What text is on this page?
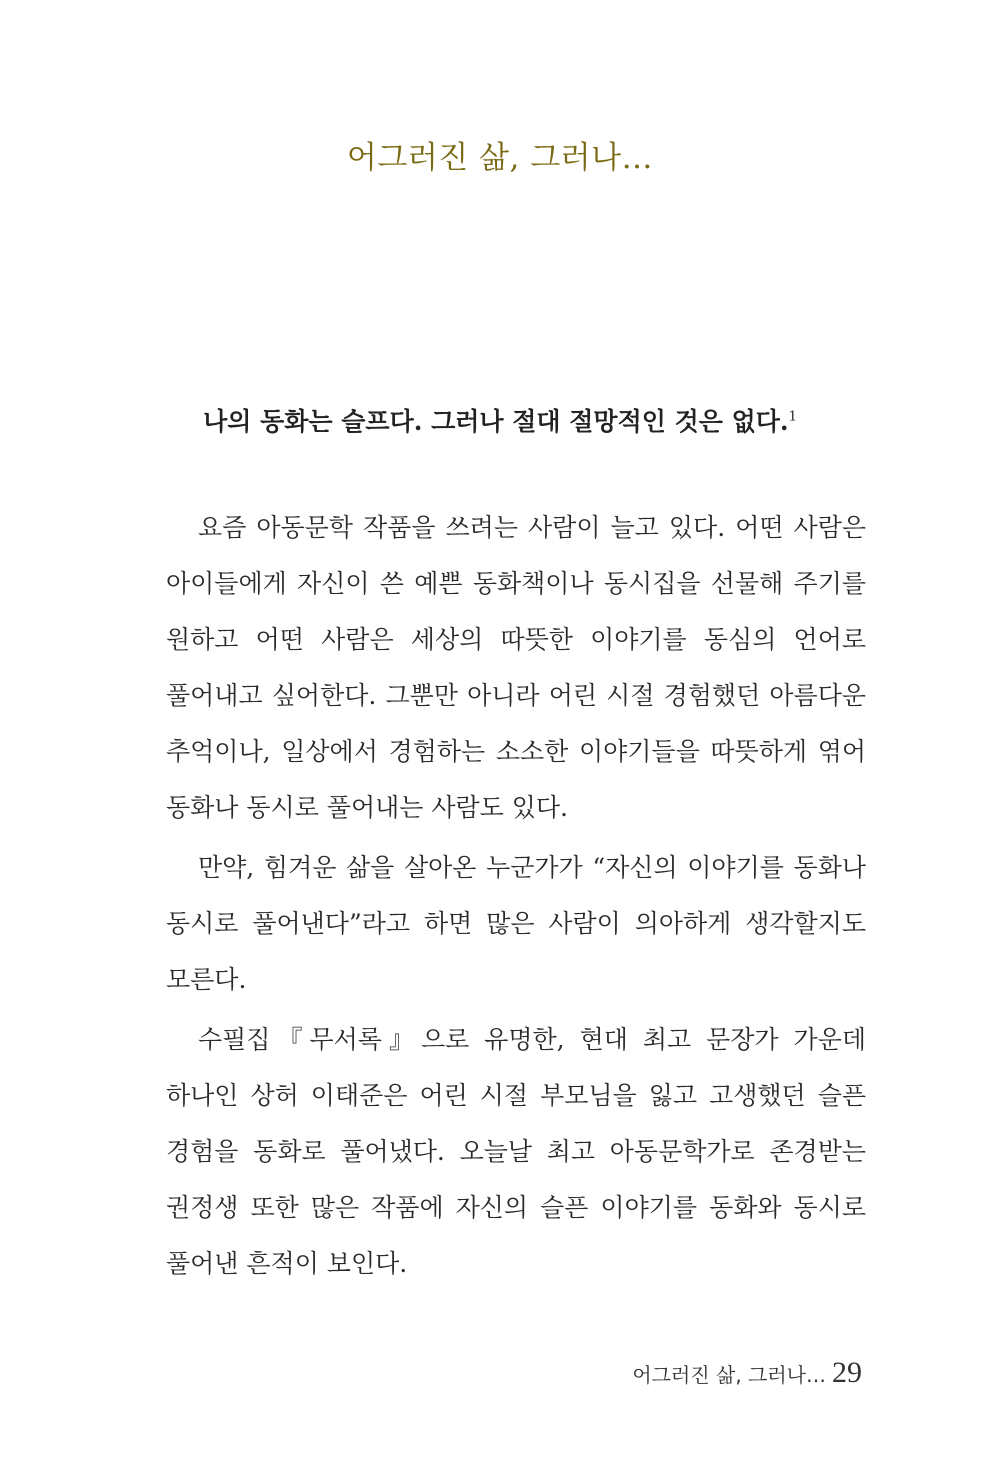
어그러진 삶, 그러나…

나의 동화는 슬프다. 그러나 절대 절망적인 것은 없다.$^1$

요즘 아동문학 작품을 쓰려는 사람이 늘고 있다. 어떤 사람은 아이들에게 자신이 쓴 예쁜 동화책이나 동시집을 선물해 주기를 원하고 어떤 사람은 세상의 따뜻한 이야기를 동심의 언어로 풀어내고 싶어한다. 그뿐만 아니라 어린 시절 경험했던 아름다운 추억이나, 일상에서 경험하는 소소한 이야기들을 따뜻하게 엮어 동화나 동시로 풀어내는 사람도 있다.

만약, 힘겨운 삶을 살아온 누군가가 “자신의 이야기를 동화나 동시로 풀어낸다”라고 하면 많은 사람이 의아하게 생각할지도 모른다.

수필집『무서록』으로 유명한, 현대 최고 문장가 가운데 하나인 상허 이태준은 어린 시절 부모님을 잃고 고생했던 슬픈 경험을 동화로 풀어냈다. 오늘날 최고 아동문학가로 존경받는 권정생 또한 많은 작품에 자신의 슬픈 이야기를 동화와 동시로 풀어낸 흔적이 보인다.

어그러진 삶, 그러나… 29
